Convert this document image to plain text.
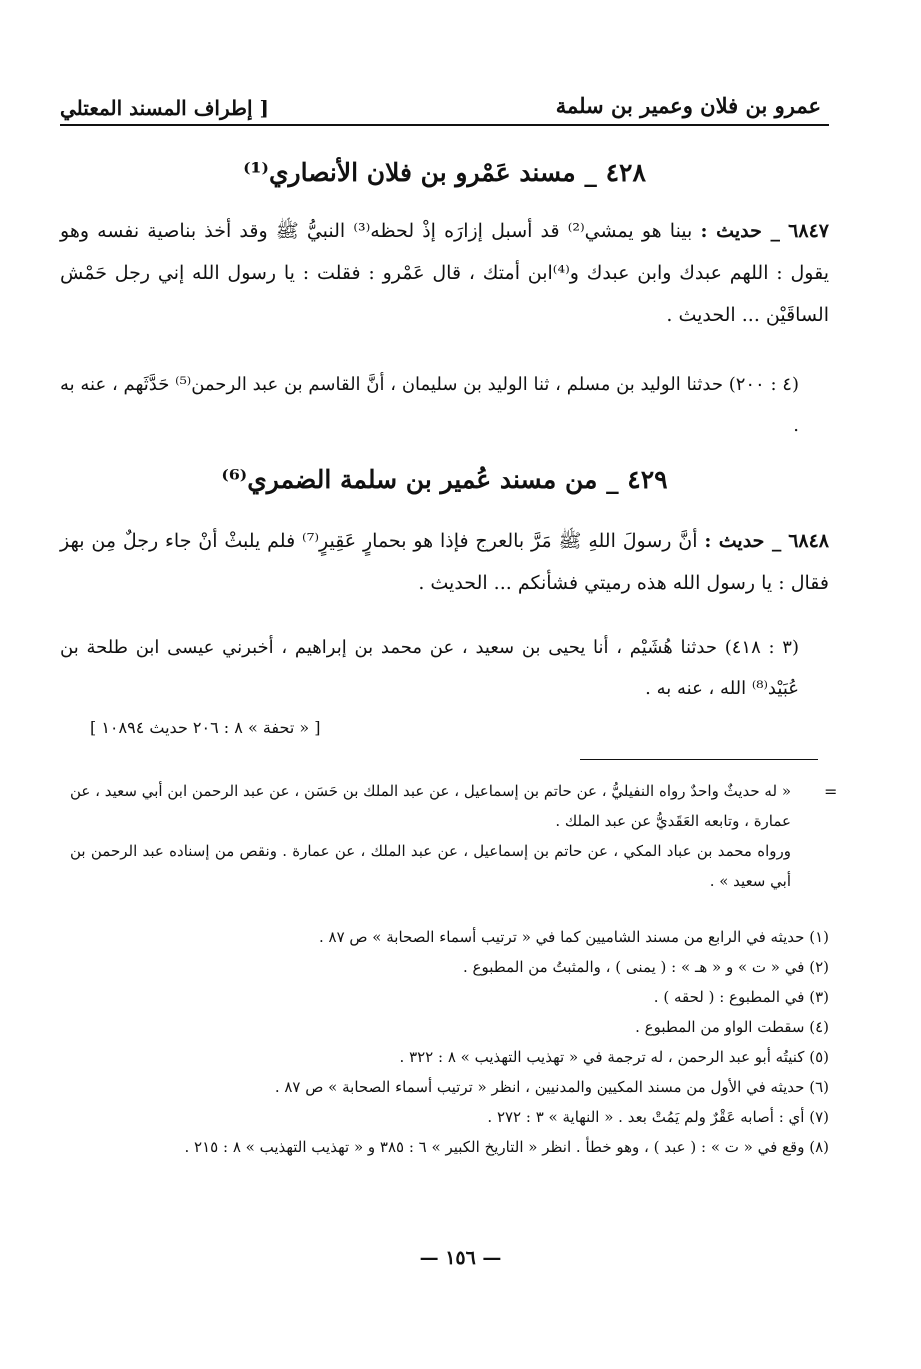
عمرو بن فلان وعمير بن سلمة
[ إطراف المسند المعتلي
٤٢٨ _ مسند عَمْرو بن فلان الأنصاري⁽¹⁾
٦٨٤٧ _ حديث : بينا هو يمشي⁽²⁾ قد أسبل إزارَه إذْ لحظه⁽³⁾ النبيُّ ﷺ وقد أخذ بناصية نفسه وهو يقول : اللهم عبدك وابن عبدك و⁽⁴⁾ابن أمتك ، قال عَمْرو : فقلت : يا رسول الله إني رجل حَمْش الساقَيْن ... الحديث .
(٤ : ٢٠٠) حدثنا الوليد بن مسلم ، ثنا الوليد بن سليمان ، أنَّ القاسم بن عبد الرحمن⁽⁵⁾ حَدَّثَهم ، عنه به .
٤٢٩ _ من مسند عُمير بن سلمة الضمري⁽⁶⁾
٦٨٤٨ _ حديث : أنَّ رسولَ اللهِ ﷺ مَرَّ بالعرج فإذا هو بحمارٍ عَقِيرٍ⁽⁷⁾ فلم يلبثْ أنْ جاء رجلٌ مِن بهز فقال : يا رسول الله هذه رميتي فشأنكم ... الحديث .
(٣ : ٤١٨) حدثنا هُشَيْم ، أنا يحيى بن سعيد ، عن محمد بن إبراهيم ، أخبرني عيسى ابن طلحة بن عُبَيْد⁽⁸⁾ الله ، عنه به .
[ « تحفة » ٨ : ٢٠٦ حديث ١٠٨٩٤ ]
=
« له حديثٌ واحدٌ رواه النفيليُّ ، عن حاتم بن إسماعيل ، عن عبد الملك بن حَسَن ، عن عبد الرحمن ابن أبي سعيد ، عن عمارة ، وتابعه العَقَديُّ عن عبد الملك .
ورواه محمد بن عباد المكي ، عن حاتم بن إسماعيل ، عن عبد الملك ، عن عمارة . ونقص من إسناده عبد الرحمن بن أبي سعيد » .
(١) حديثه في الرابع من مسند الشاميين كما في « ترتيب أسماء الصحابة » ص ٨٧ .
(٢) في « ت » و « هـ » : ( يمنى ) ، والمثبتُ من المطبوع .
(٣) في المطبوع : ( لحقه ) .
(٤) سقطت الواو من المطبوع .
(٥) كنيتُه أبو عبد الرحمن ، له ترجمة في « تهذيب التهذيب » ٨ : ٣٢٢ .
(٦) حديثه في الأول من مسند المكيين والمدنيين ، انظر « ترتيب أسماء الصحابة » ص ٨٧ .
(٧) أي : أصابه عَقْرٌ ولم يَمُتْ بعد . « النهاية » ٣ : ٢٧٢ .
(٨) وقع في « ت » : ( عبد ) ، وهو خطأ . انظر « التاريخ الكبير » ٦ : ٣٨٥ و « تهذيب التهذيب » ٨ : ٢١٥ .
— ١٥٦ —
